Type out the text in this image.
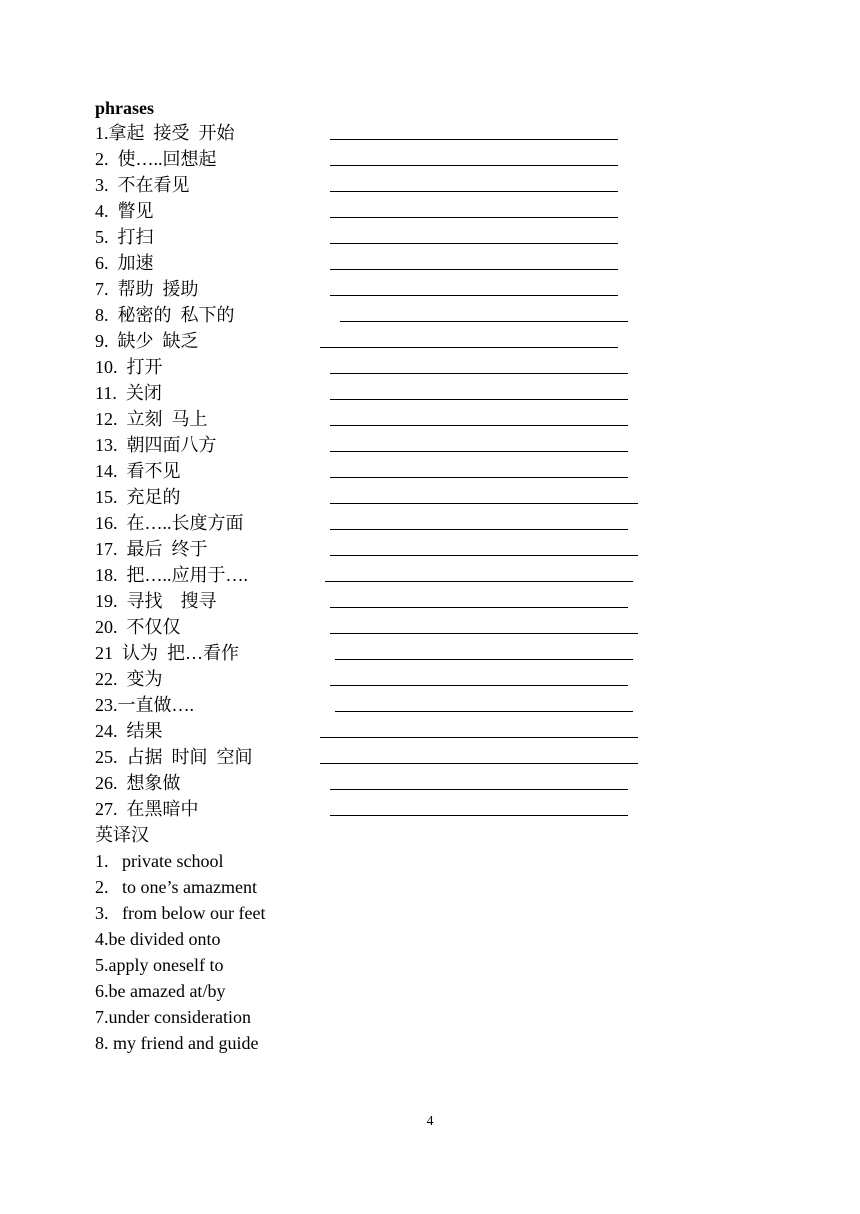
phrases
1.拿起  接受  开始
2.  使…..回想起
3.  不在看见
4.  瞥见
5.  打扫
6.  加速
7.  帮助  援助
8.  秘密的  私下的
9.  缺少  缺乏
10.  打开
11.  关闭
12.  立刻  马上
13.  朝四面八方
14.  看不见
15.  充足的
16.  在…..长度方面
17.  最后  终于
18.  把…..应用于….
19.  寻找    搜寻
20.  不仅仅
21  认为  把…看作
22.  变为
23.一直做….
24.  结果
25.  占据  时间  空间
26.  想象做
27.  在黑暗中
英译汉
1.   private school
2.   to one’s amazment
3.   from below our feet
4.be divided onto
5.apply oneself to
6.be amazed at/by
7.under consideration
8. my friend and guide
4
